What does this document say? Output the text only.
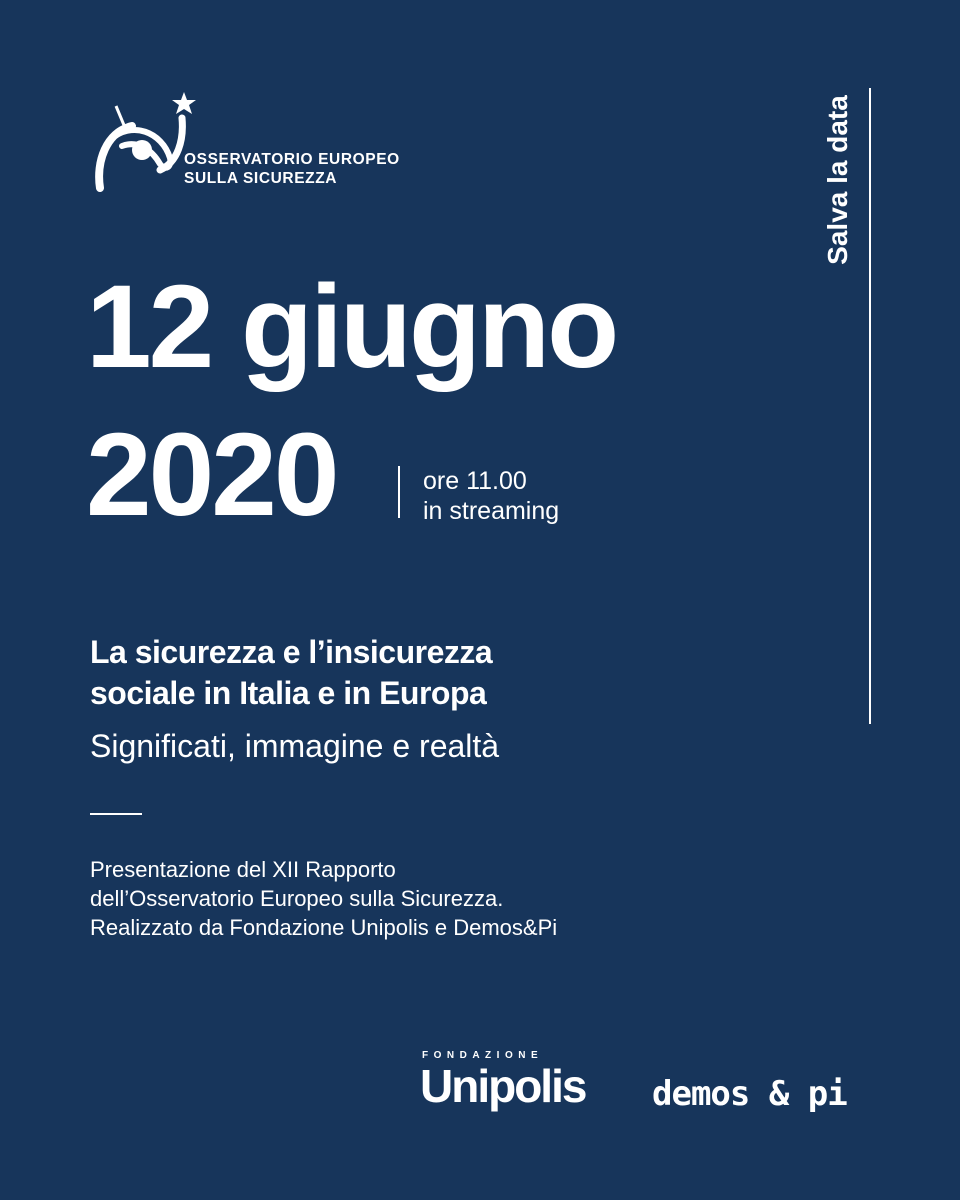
OSSERVATORIO EUROPEO
SULLA SICUREZZA	Salva la data
12 giugno
2020	ore 11.00
in streaming
La sicurezza e l’insicurezza
sociale in Italia e in Europa
Significati, immagine e realtà
Presentazione del XII Rapporto
dell’Osservatorio Europeo sulla Sicurezza.
Realizzato da Fondazione Unipolis e Demos&Pi
FONDAZIONE
Unipolis demos & pi
